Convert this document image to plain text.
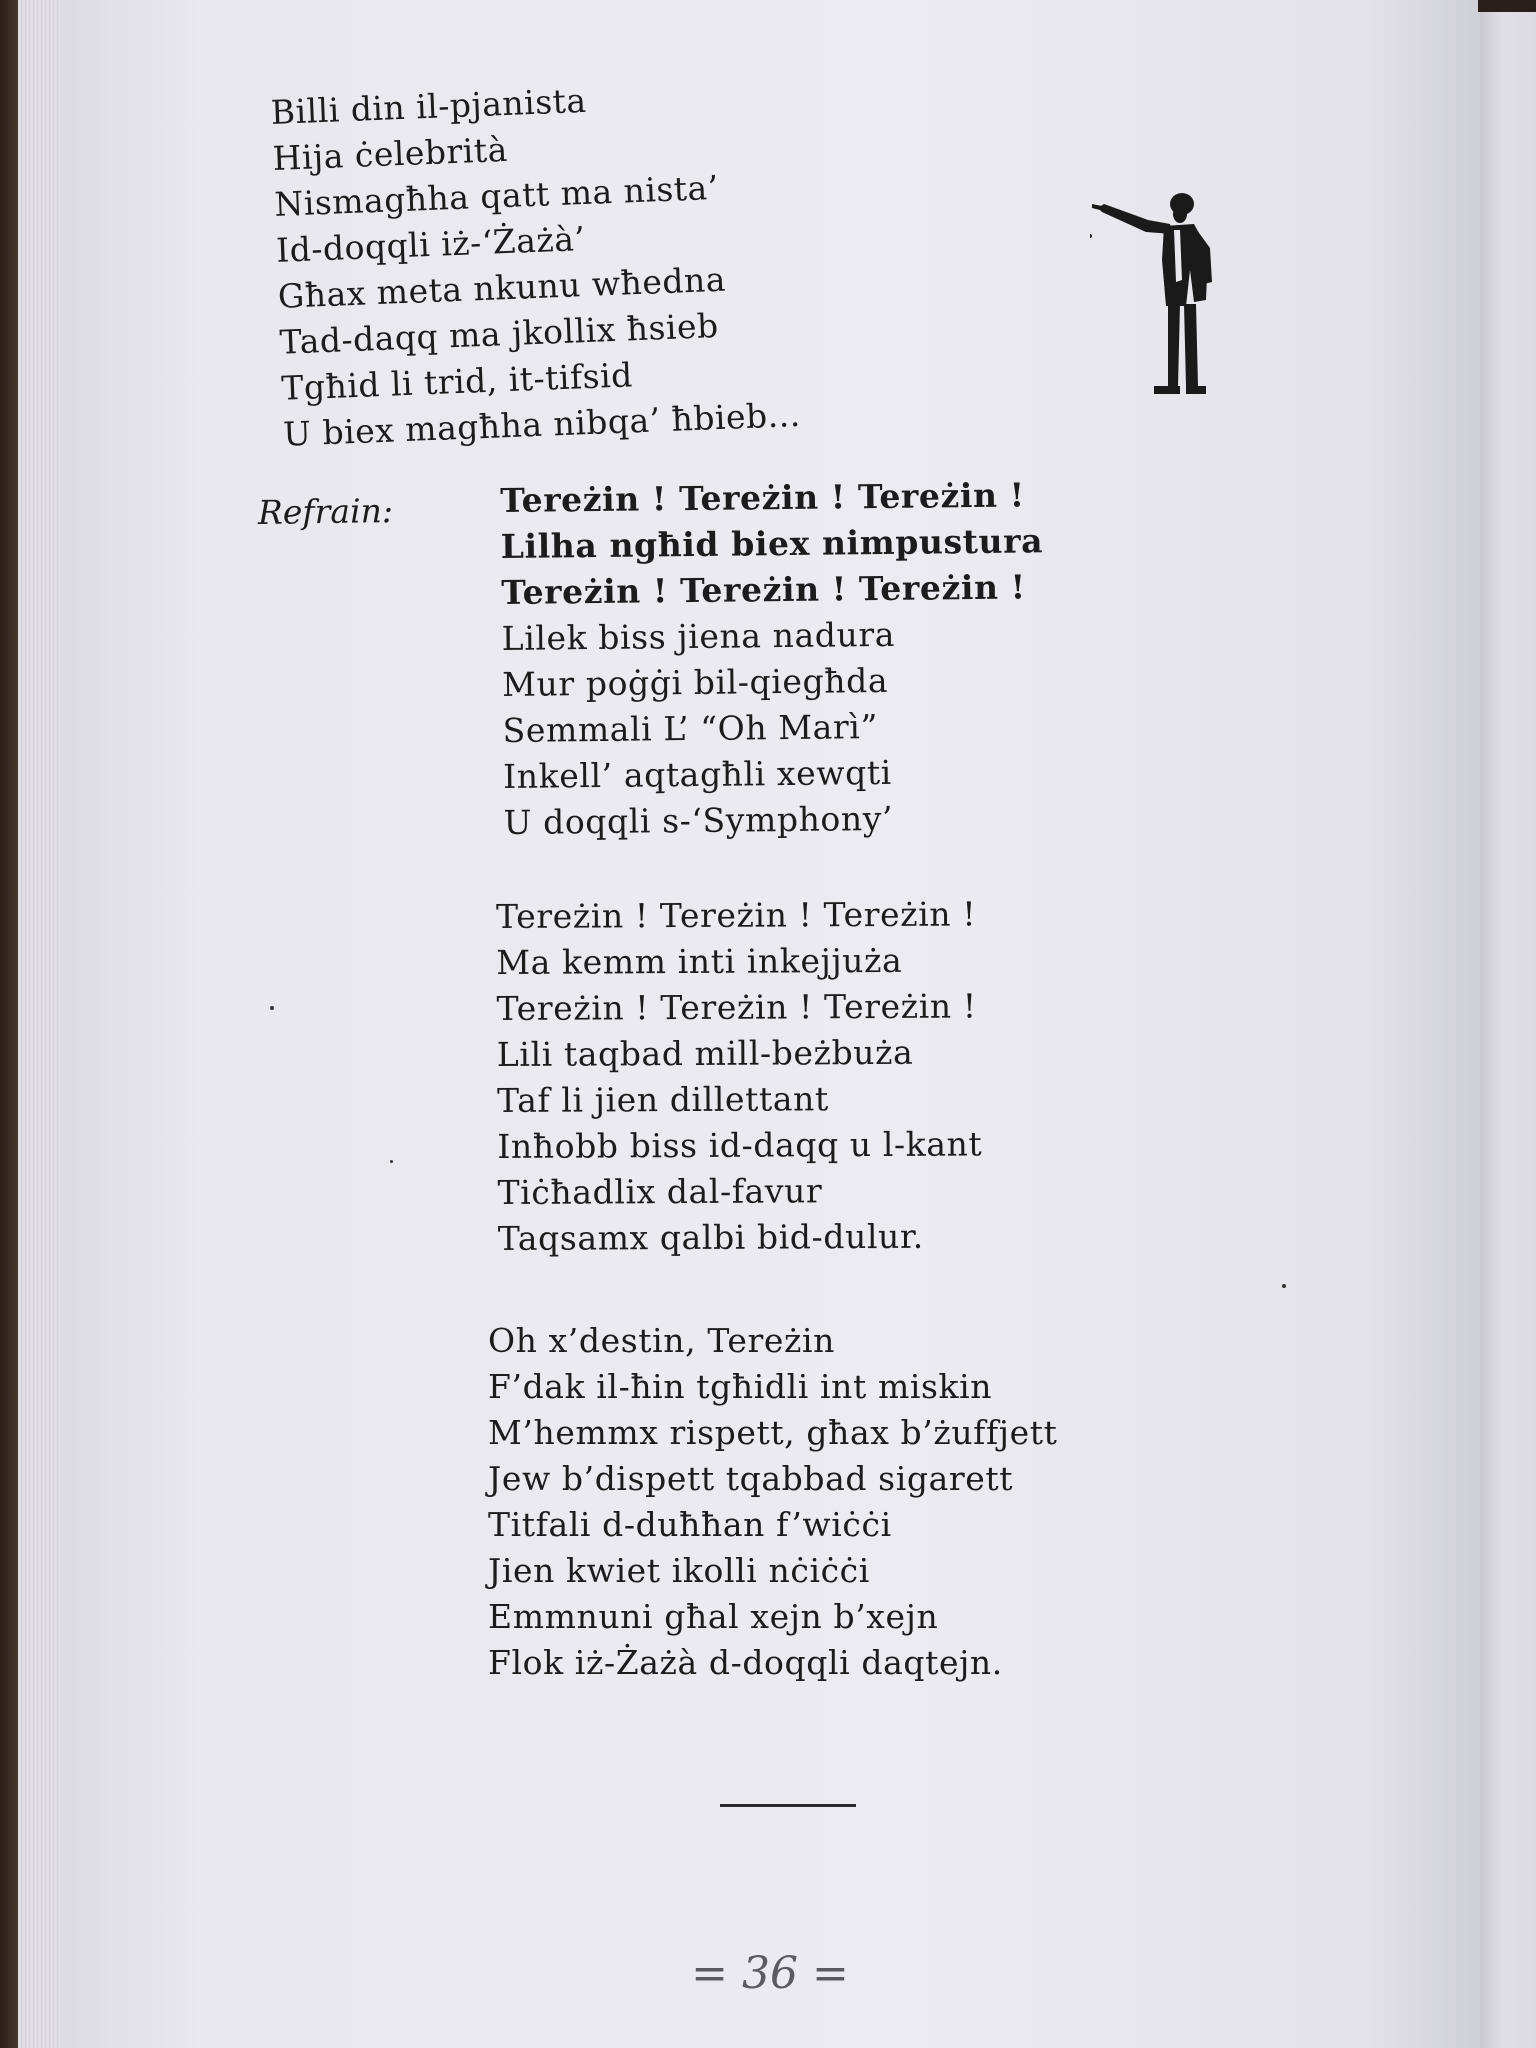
Billi din il-pjanista
Hija ċelebrità
Nismagħha qatt ma nista’
Id-doqqli iż-‘Żażà’
Għax meta nkunu wħedna
Tad-daqq ma jkollix ħsieb
Tgħid li trid, it-tifsid
U biex magħha nibqa’ ħbieb...
Refrain:	Tereżin ! Tereżin ! Tereżin !
Lilha ngħid biex nimpustura
Tereżin ! Tereżin ! Tereżin !
Lilek biss jiena nadura
Mur poġġi bil-qiegħda
Semmali L’ “Oh Marì”
Inkell’ aqtagħli xewqti
U doqqli s-‘Symphony’
Tereżin ! Tereżin ! Tereżin !
Ma kemm inti inkejjuża
Tereżin ! Tereżin ! Tereżin !
Lili taqbad mill-beżbuża
Taf li jien dillettant
Inħobb biss id-daqq u l-kant
Tiċħadlix dal-favur
Taqsamx qalbi bid-dulur.
Oh x’destin, Tereżin
F’dak il-ħin tgħidli int miskin
M’hemmx rispett, għax b’żuffjett
Jew b’dispett tqabbad sigarett
Titfali d-duħħan f’wiċċi
Jien kwiet ikolli nċiċċi
Emmnuni għal xejn b’xejn
Flok iż-Żażà d-doqqli daqtejn.
= 36 =
